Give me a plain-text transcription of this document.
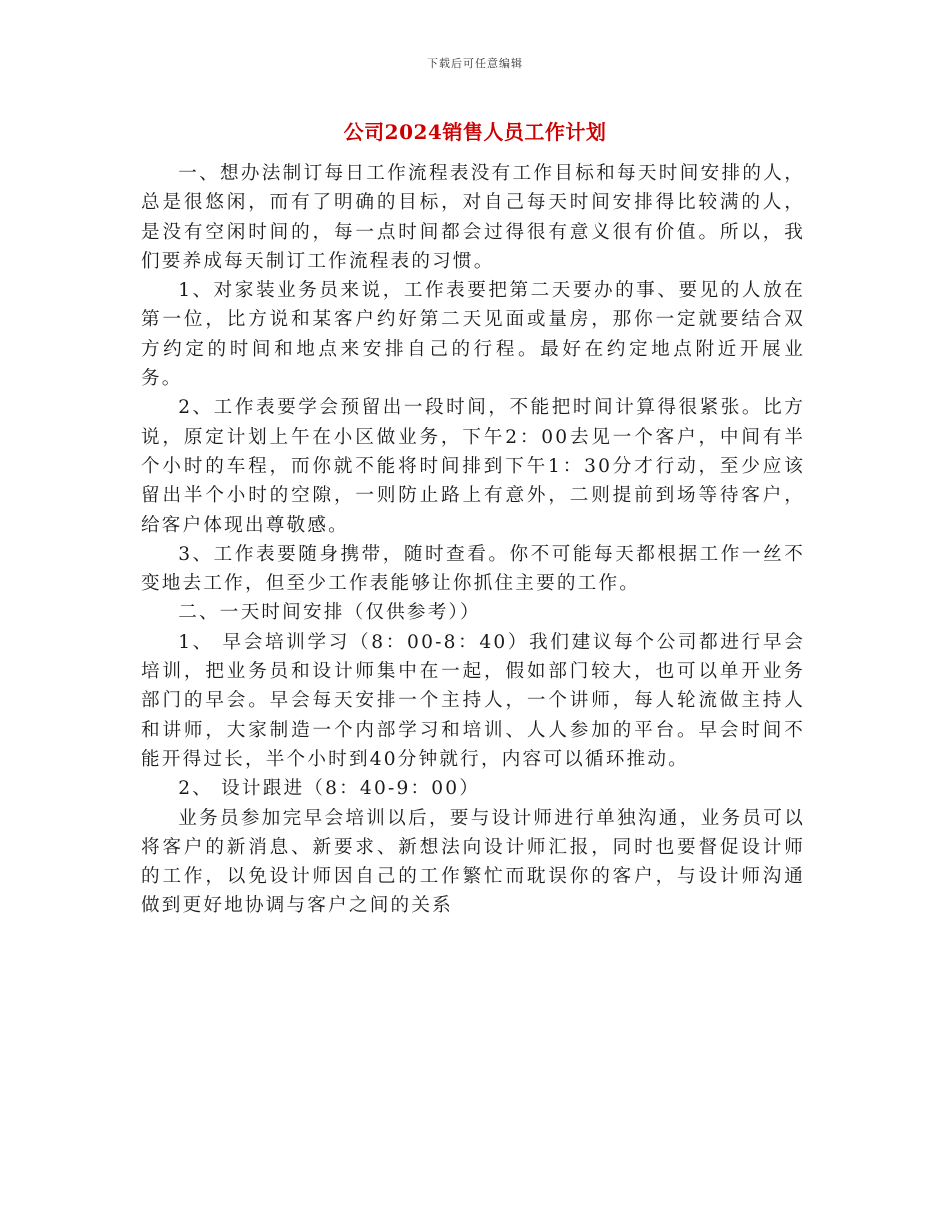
下载后可任意编辑
公司2024销售人员工作计划

一、想办法制订每日工作流程表没有工作目标和每天时间安排的人，总是很悠闲，而有了明确的目标，对自己每天时间安排得比较满的人，是没有空闲时间的，每一点时间都会过得很有意义很有价值。所以，我们要养成每天制订工作流程表的习惯。

1、对家装业务员来说，工作表要把第二天要办的事、要见的人放在第一位，比方说和某客户约好第二天见面或量房，那你一定就要结合双方约定的时间和地点来安排自己的行程。最好在约定地点附近开展业务。

2、工作表要学会预留出一段时间，不能把时间计算得很紧张。比方说，原定计划上午在小区做业务，下午2：00去见一个客户，中间有半个小时的车程，而你就不能将时间排到下午1：30分才行动，至少应该留出半个小时的空隙，一则防止路上有意外，二则提前到场等待客户，给客户体现出尊敬感。

3、工作表要随身携带，随时查看。你不可能每天都根据工作一丝不变地去工作，但至少工作表能够让你抓住主要的工作。

二、一天时间安排（仅供参考））

1、 早会培训学习（8：00-8：40）我们建议每个公司都进行早会培训，把业务员和设计师集中在一起，假如部门较大，也可以单开业务部门的早会。早会每天安排一个主持人，一个讲师，每人轮流做主持人和讲师，大家制造一个内部学习和培训、人人参加的平台。早会时间不能开得过长，半个小时到40分钟就行，内容可以循环推动。

2、 设计跟进（8：40-9：00）

业务员参加完早会培训以后，要与设计师进行单独沟通，业务员可以将客户的新消息、新要求、新想法向设计师汇报，同时也要督促设计师的工作，以免设计师因自己的工作繁忙而耽误你的客户，与设计师沟通做到更好地协调与客户之间的关系
